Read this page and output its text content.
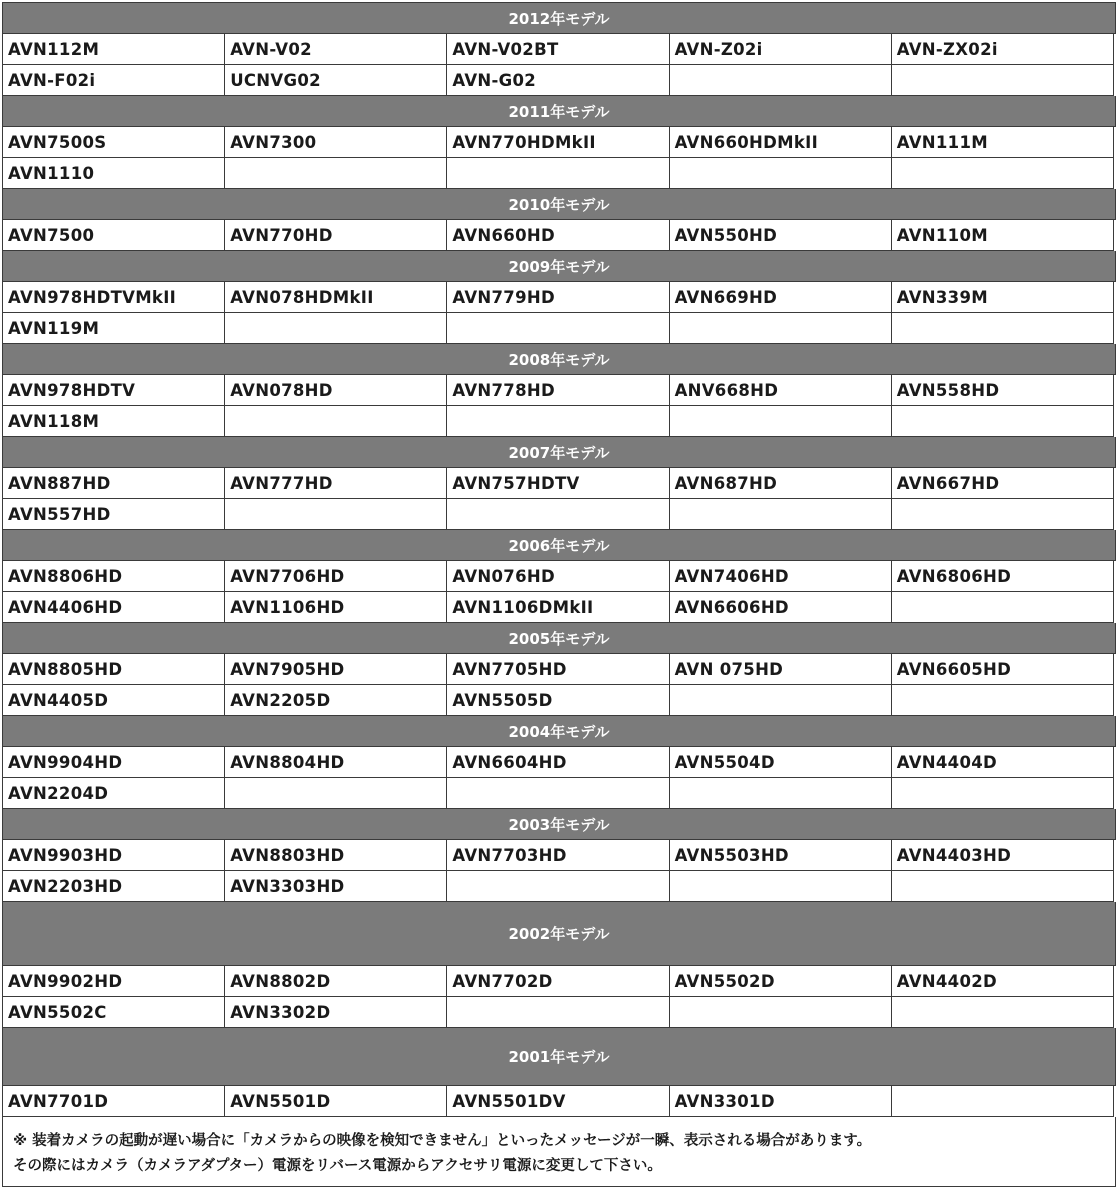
2012年モデル
AVN112M	AVN-V02	AVN-V02BT	AVN-Z02i	AVN-ZX02i
AVN-F02i	UCNVG02	AVN-G02
2011年モデル
AVN7500S	AVN7300	AVN770HDMkII	AVN660HDMkII	AVN111M
AVN1110
2010年モデル
AVN7500	AVN770HD	AVN660HD	AVN550HD	AVN110M
2009年モデル
AVN978HDTVMkII	AVN078HDMkII	AVN779HD	AVN669HD	AVN339M
AVN119M
2008年モデル
AVN978HDTV	AVN078HD	AVN778HD	ANV668HD	AVN558HD
AVN118M
2007年モデル
AVN887HD	AVN777HD	AVN757HDTV	AVN687HD	AVN667HD
AVN557HD
2006年モデル
AVN8806HD	AVN7706HD	AVN076HD	AVN7406HD	AVN6806HD
AVN4406HD	AVN1106HD	AVN1106DMkII	AVN6606HD
2005年モデル
AVN8805HD	AVN7905HD	AVN7705HD	AVN 075HD	AVN6605HD
AVN4405D	AVN2205D	AVN5505D
2004年モデル
AVN9904HD	AVN8804HD	AVN6604HD	AVN5504D	AVN4404D
AVN2204D
2003年モデル
AVN9903HD	AVN8803HD	AVN7703HD	AVN5503HD	AVN4403HD
AVN2203HD	AVN3303HD
2002年モデル
AVN9902HD	AVN8802D	AVN7702D	AVN5502D	AVN4402D
AVN5502C	AVN3302D
2001年モデル
AVN7701D	AVN5501D	AVN5501DV	AVN3301D
※ 装着カメラの起動が遅い場合に「カメラからの映像を検知できません」といったメッセージが一瞬、表示される場合があります。
その際にはカメラ（カメラアダプター）電源をリバース電源からアクセサリ電源に変更して下さい。
